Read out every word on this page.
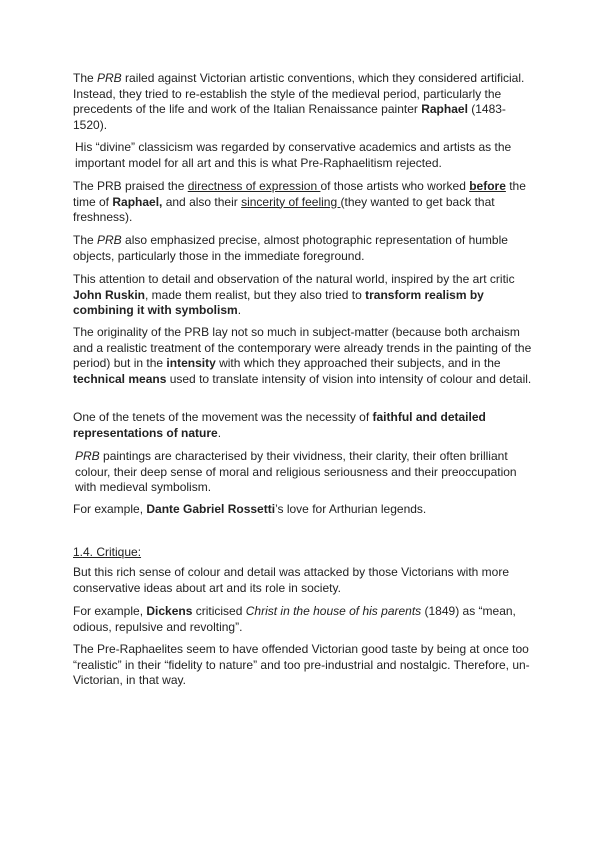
The PRB railed against Victorian artistic conventions, which they considered artificial. Instead, they tried to re-establish the style of the medieval period, particularly the precedents of the life and work of the Italian Renaissance painter Raphael (1483-1520).

His “divine” classicism was regarded by conservative academics and artists as the important model for all art and this is what Pre-Raphaelitism rejected.

The PRB praised the directness of expression of those artists who worked before the time of Raphael, and also their sincerity of feeling (they wanted to get back that freshness).

The PRB also emphasized precise, almost photographic representation of humble objects, particularly those in the immediate foreground.

This attention to detail and observation of the natural world, inspired by the art critic John Ruskin, made them realist, but they also tried to transform realism by combining it with symbolism.

The originality of the PRB lay not so much in subject-matter (because both archaism and a realistic treatment of the contemporary were already trends in the painting of the period) but in the intensity with which they approached their subjects, and in the technical means used to translate intensity of vision into intensity of colour and detail.

One of the tenets of the movement was the necessity of faithful and detailed representations of nature.

PRB paintings are characterised by their vividness, their clarity, their often brilliant colour, their deep sense of moral and religious seriousness and their preoccupation with medieval symbolism.

For example, Dante Gabriel Rossetti’s love for Arthurian legends.

1.4. Critique:

But this rich sense of colour and detail was attacked by those Victorians with more conservative ideas about art and its role in society.

For example, Dickens criticised Christ in the house of his parents (1849) as “mean, odious, repulsive and revolting”.

The Pre-Raphaelites seem to have offended Victorian good taste by being at once too “realistic” in their “fidelity to nature” and too pre-industrial and nostalgic. Therefore, un-Victorian, in that way.
